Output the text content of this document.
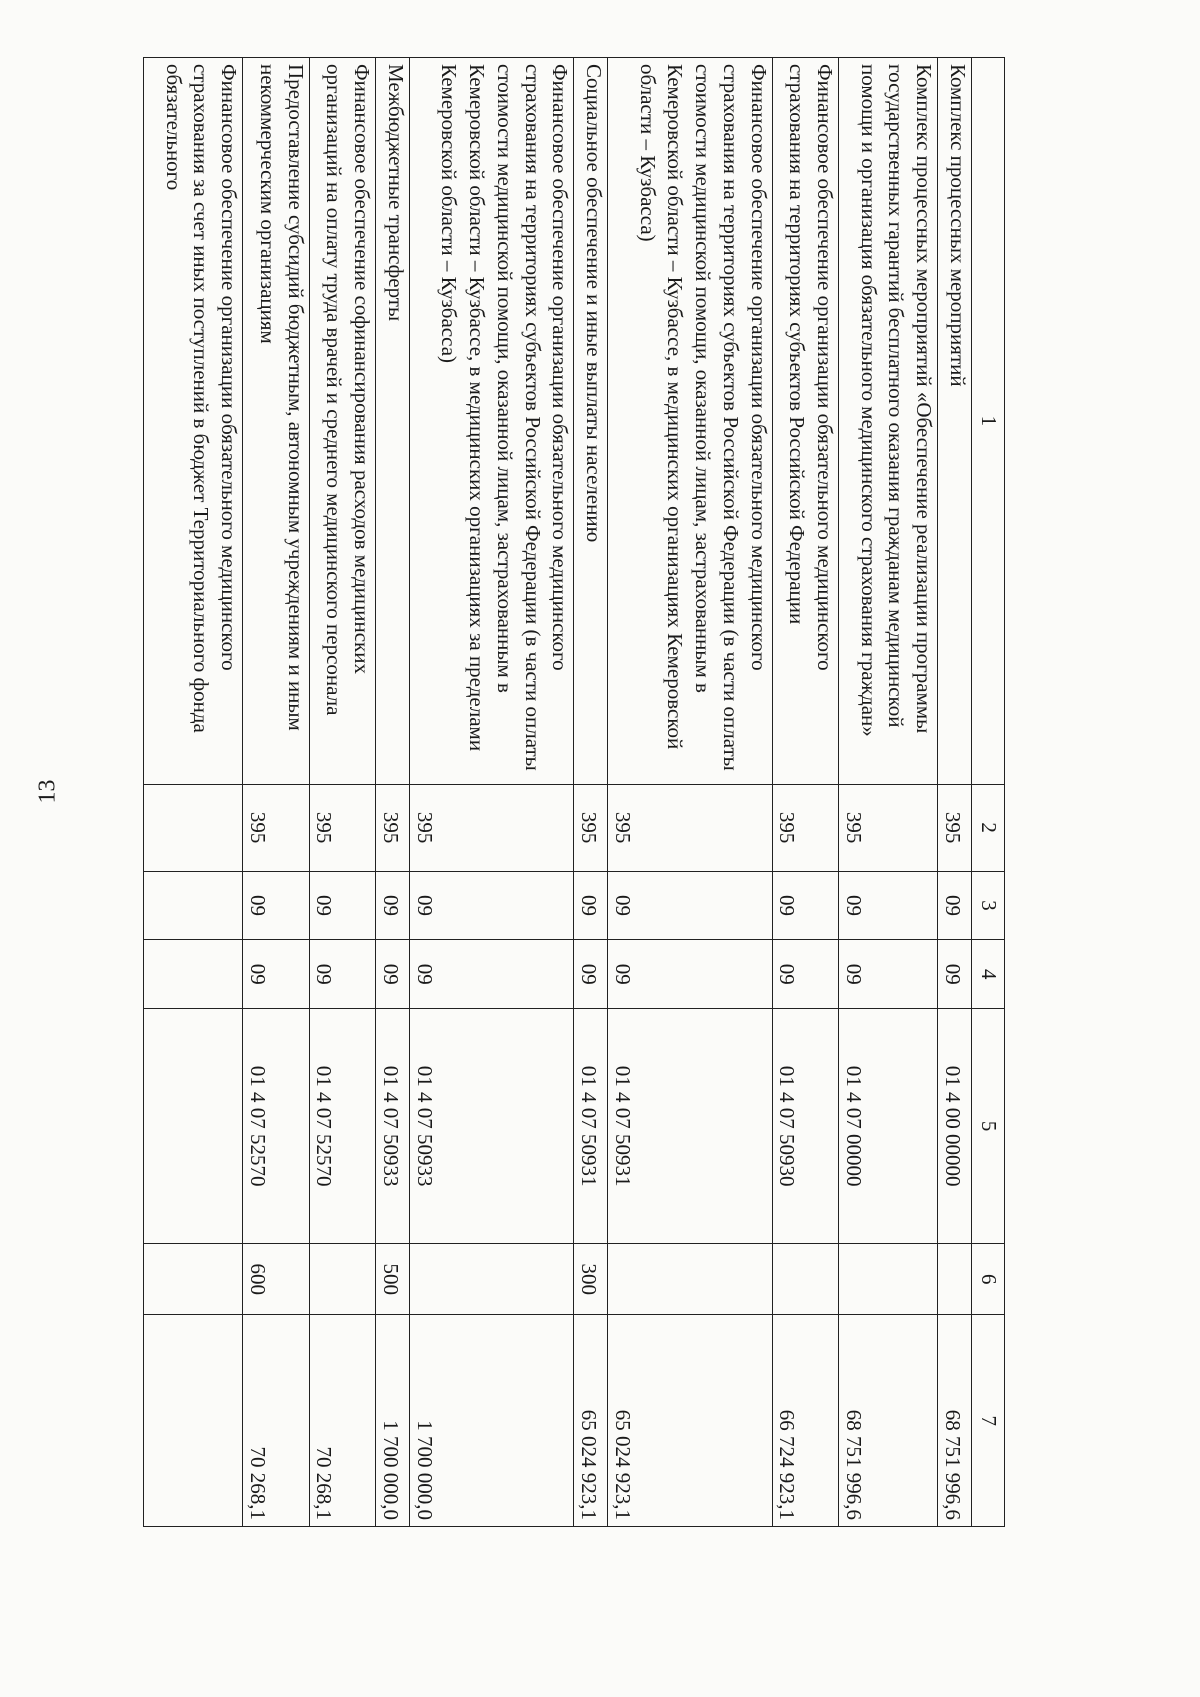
13
1	2	3	4	5	6	7
Комплекс процессных мероприятий	395	09	09	01 4 00 00000		68 751 996,6
Комплекс процессных мероприятий «Обеспечение реализации программы государственных гарантий бесплатного оказания гражданам медицинской помощи и организация обязательного медицинского страхования граждан»	395	09	09	01 4 07 00000		68 751 996,6
Финансовое обеспечение организации обязательного медицинского страхования на территориях субъектов Российской Федерации	395	09	09	01 4 07 50930		66 724 923,1
Финансовое обеспечение организации обязательного медицинского страхования на территориях субъектов Российской Федерации (в части оплаты стоимости медицинской помощи, оказанной лицам, застрахованным в Кемеровской области – Кузбассе, в медицинских организациях Кемеровской области – Кузбасса)	395	09	09	01 4 07 50931		65 024 923,1
Социальное обеспечение и иные выплаты населению	395	09	09	01 4 07 50931	300	65 024 923,1
Финансовое обеспечение организации обязательного медицинского страхования на территориях субъектов Российской Федерации (в части оплаты стоимости медицинской помощи, оказанной лицам, застрахованным в Кемеровской области – Кузбассе, в медицинских организациях за пределами Кемеровской области – Кузбасса)	395	09	09	01 4 07 50933		1 700 000,0
Межбюджетные трансферты	395	09	09	01 4 07 50933	500	1 700 000,0
Финансовое обеспечение софинансирования расходов медицинских организаций на оплату труда врачей и среднего медицинского персонала	395	09	09	01 4 07 52570		70 268,1
Предоставление субсидий бюджетным, автономным учреждениям и иным некоммерческим организациям	395	09	09	01 4 07 52570	600	70 268,1
Финансовое обеспечение организации обязательного медицинского страхования за счет иных поступлений в бюджет Территориального фонда обязательного						
